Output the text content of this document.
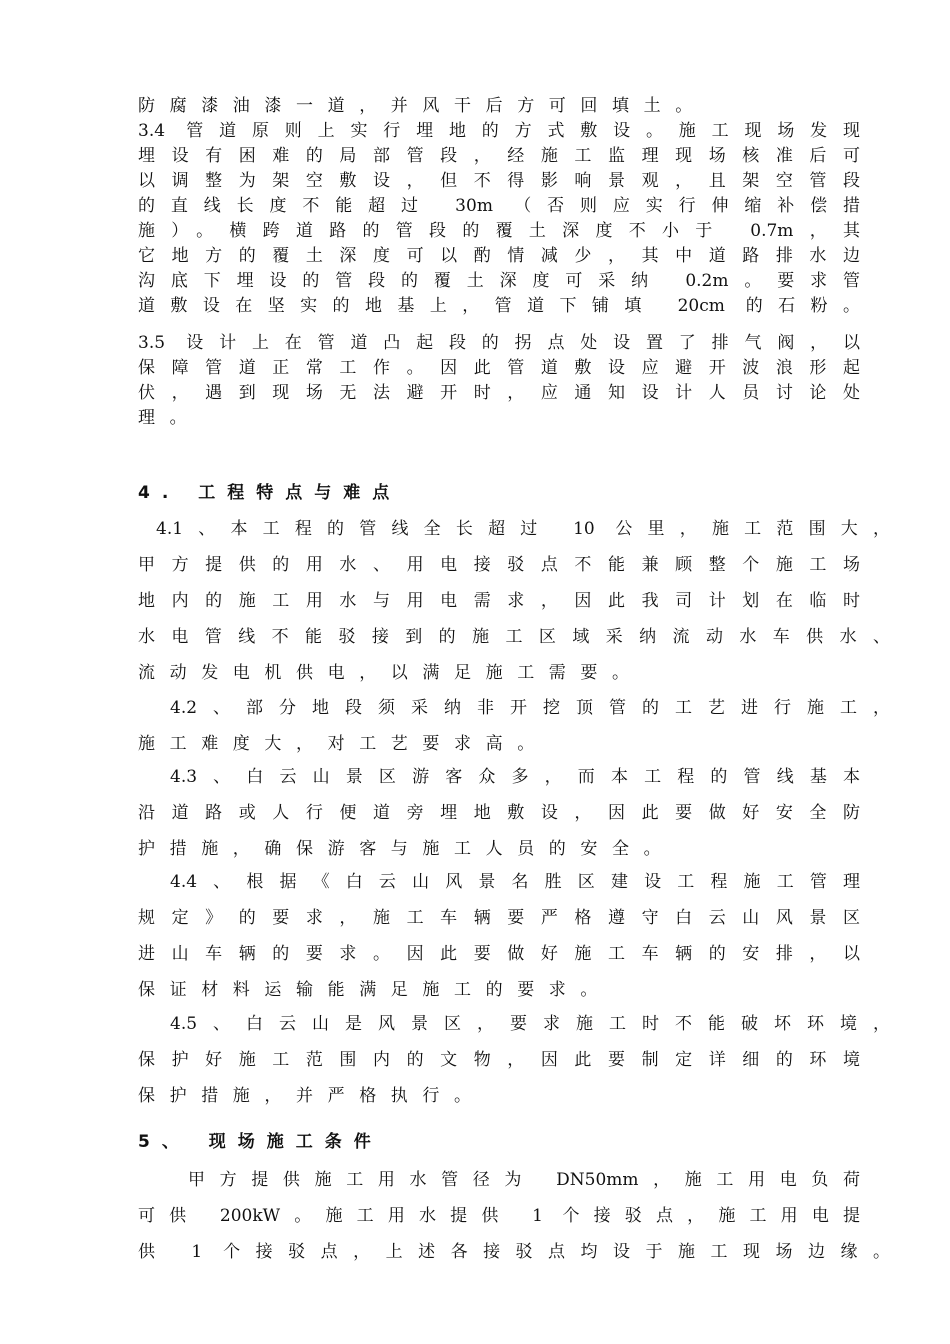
防腐漆油漆一道，并风干后方可回填土。
3.4 管道原则上实行埋地的方式敷设。施工现场发现
埋设有困难的局部管段，经施工监理现场核准后可
以调整为架空敷设，但不得影响景观，且架空管段
的直线长度不能超过 30m （否则应实行伸缩补偿措
施）。横跨道路的管段的覆土深度不小于 0.7m，其
它地方的覆土深度可以酌情减少，其中道路排水边
沟底下埋设的管段的覆土深度可采纳 0.2m。要求管
道敷设在坚实的地基上，管道下铺填 20cm 的石粉。
3.5 设计上在管道凸起段的拐点处设置了排气阀，以
保障管道正常工作。因此管道敷设应避开波浪形起
伏，遇到现场无法避开时，应通知设计人员讨论处
理。
4. 工程特点与难点
4.1、本工程的管线全长超过 10 公里，施工范围大，
甲方提供的用水、用电接驳点不能兼顾整个施工场
地内的施工用水与用电需求，因此我司计划在临时
水电管线不能驳接到的施工区域采纳流动水车供水、
流动发电机供电，以满足施工需要。
4.2、部分地段须采纳非开挖顶管的工艺进行施工，
施工难度大，对工艺要求高。
4.3、白云山景区游客众多，而本工程的管线基本
沿道路或人行便道旁埋地敷设，因此要做好安全防
护措施，确保游客与施工人员的安全。
4.4、根据《白云山风景名胜区建设工程施工管理
规定》的要求，施工车辆要严格遵守白云山风景区
进山车辆的要求。因此要做好施工车辆的安排，以
保证材料运输能满足施工的要求。
4.5、白云山是风景区，要求施工时不能破坏环境，
保护好施工范围内的文物，因此要制定详细的环境
保护措施，并严格执行。
5、 现场施工条件
甲方提供施工用水管径为 DN50mm，施工用电负荷
可供 200kW。施工用水提供 1 个接驳点，施工用电提
供 1 个接驳点，上述各接驳点均设于施工现场边缘。
